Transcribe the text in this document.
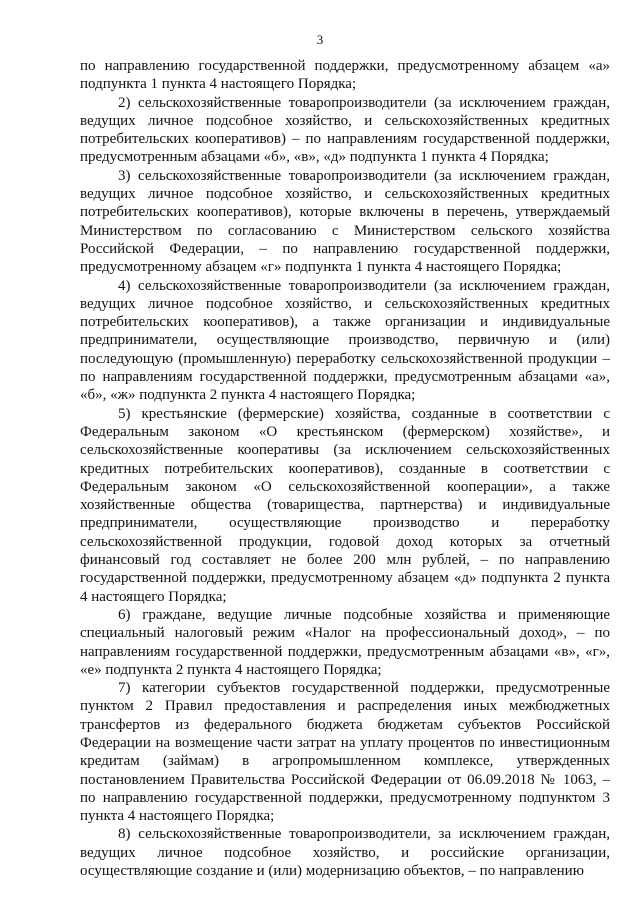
3

по направлению государственной поддержки, предусмотренному абзацем «а» подпункта 1 пункта 4 настоящего Порядка;

2) сельскохозяйственные товаропроизводители (за исключением граждан, ведущих личное подсобное хозяйство, и сельскохозяйственных кредитных потребительских кооперативов) – по направлениям государственной поддержки, предусмотренным абзацами «б», «в», «д» подпункта 1 пункта 4 Порядка;

3) сельскохозяйственные товаропроизводители (за исключением граждан, ведущих личное подсобное хозяйство, и сельскохозяйственных кредитных потребительских кооперативов), которые включены в перечень, утверждаемый Министерством по согласованию с Министерством сельского хозяйства Российской Федерации, – по направлению государственной поддержки, предусмотренному абзацем «г» подпункта 1 пункта 4 настоящего Порядка;

4) сельскохозяйственные товаропроизводители (за исключением граждан, ведущих личное подсобное хозяйство, и сельскохозяйственных кредитных потребительских кооперативов), а также организации и индивидуальные предприниматели, осуществляющие производство, первичную и (или) последующую (промышленную) переработку сельскохозяйственной продукции – по направлениям государственной поддержки, предусмотренным абзацами «а», «б», «ж» подпункта 2 пункта 4 настоящего Порядка;

5) крестьянские (фермерские) хозяйства, созданные в соответствии с Федеральным законом «О крестьянском (фермерском) хозяйстве», и сельскохозяйственные кооперативы (за исключением сельскохозяйственных кредитных потребительских кооперативов), созданные в соответствии с Федеральным законом «О сельскохозяйственной кооперации», а также хозяйственные общества (товарищества, партнерства) и индивидуальные предприниматели, осуществляющие производство и переработку сельскохозяйственной продукции, годовой доход которых за отчетный финансовый год составляет не более 200 млн рублей, – по направлению государственной поддержки, предусмотренному абзацем «д» подпункта 2 пункта 4 настоящего Порядка;

6) граждане, ведущие личные подсобные хозяйства и применяющие специальный налоговый режим «Налог на профессиональный доход», – по направлениям государственной поддержки, предусмотренным абзацами «в», «г», «е» подпункта 2 пункта 4 настоящего Порядка;

7) категории субъектов государственной поддержки, предусмотренные пунктом 2 Правил предоставления и распределения иных межбюджетных трансфертов из федерального бюджета бюджетам субъектов Российской Федерации на возмещение части затрат на уплату процентов по инвестиционным кредитам (займам) в агропромышленном комплексе, утвержденных постановлением Правительства Российской Федерации от 06.09.2018 № 1063, – по направлению государственной поддержки, предусмотренному подпунктом 3 пункта 4 настоящего Порядка;

8) сельскохозяйственные товаропроизводители, за исключением граждан, ведущих личное подсобное хозяйство, и российские организации, осуществляющие создание и (или) модернизацию объектов, – по направлению
